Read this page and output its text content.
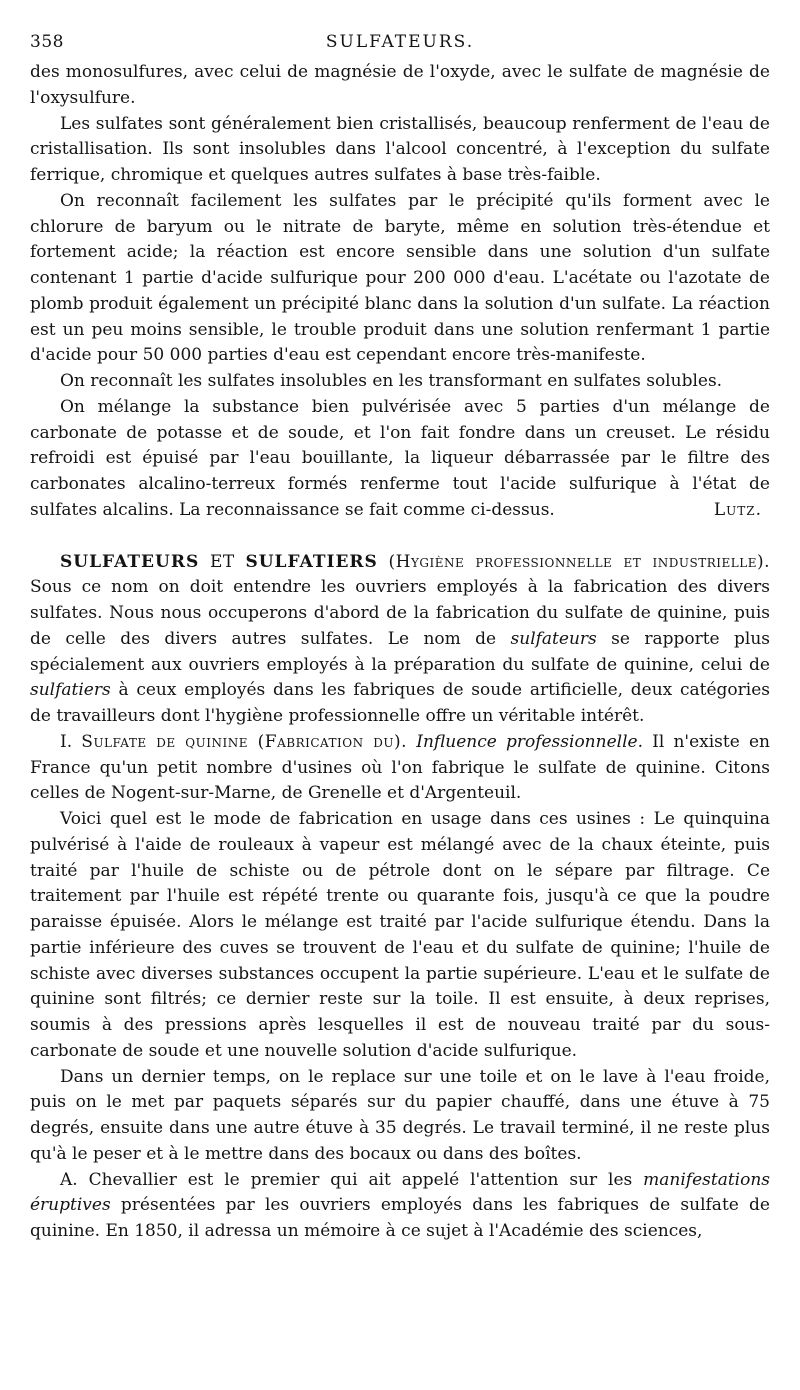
358	SULFATEURS.

des monosulfures, avec celui de magnésie de l'oxyde, avec le sulfate de magnésie de l'oxysulfure.

Les sulfates sont généralement bien cristallisés, beaucoup renferment de l'eau de cristallisation. Ils sont insolubles dans l'alcool concentré, à l'exception du sulfate ferrique, chromique et quelques autres sulfates à base très-faible.

On reconnaît facilement les sulfates par le précipité qu'ils forment avec le chlorure de baryum ou le nitrate de baryte, même en solution très-étendue et fortement acide; la réaction est encore sensible dans une solution d'un sulfate contenant 1 partie d'acide sulfurique pour 200 000 d'eau. L'acétate ou l'azotate de plomb produit également un précipité blanc dans la solution d'un sulfate. La réaction est un peu moins sensible, le trouble produit dans une solution renfermant 1 partie d'acide pour 50 000 parties d'eau est cependant encore très-manifeste.

On reconnaît les sulfates insolubles en les transformant en sulfates solubles.

On mélange la substance bien pulvérisée avec 5 parties d'un mélange de carbonate de potasse et de soude, et l'on fait fondre dans un creuset. Le résidu refroidi est épuisé par l'eau bouillante, la liqueur débarrassée par le filtre des carbonates alcalino-terreux formés renferme tout l'acide sulfurique à l'état de sulfates alcalins. La reconnaissance se fait comme ci-dessus.	Lutz.

SULFATEURS ET SULFATIERS (Hygiène professionnelle et industrielle). Sous ce nom on doit entendre les ouvriers employés à la fabrication des divers sulfates. Nous nous occuperons d'abord de la fabrication du sulfate de quinine, puis de celle des divers autres sulfates. Le nom de sulfateurs se rapporte plus spécialement aux ouvriers employés à la préparation du sulfate de quinine, celui de sulfatiers à ceux employés dans les fabriques de soude artificielle, deux catégories de travailleurs dont l'hygiène professionnelle offre un véritable intérêt.

I. Sulfate de quinine (Fabrication du). Influence professionnelle. Il n'existe en France qu'un petit nombre d'usines où l'on fabrique le sulfate de quinine. Citons celles de Nogent-sur-Marne, de Grenelle et d'Argenteuil.

Voici quel est le mode de fabrication en usage dans ces usines : Le quinquina pulvérisé à l'aide de rouleaux à vapeur est mélangé avec de la chaux éteinte, puis traité par l'huile de schiste ou de pétrole dont on le sépare par filtrage. Ce traitement par l'huile est répété trente ou quarante fois, jusqu'à ce que la poudre paraisse épuisée. Alors le mélange est traité par l'acide sulfurique étendu. Dans la partie inférieure des cuves se trouvent de l'eau et du sulfate de quinine; l'huile de schiste avec diverses substances occupent la partie supérieure. L'eau et le sulfate de quinine sont filtrés; ce dernier reste sur la toile. Il est ensuite, à deux reprises, soumis à des pressions après lesquelles il est de nouveau traité par du sous-carbonate de soude et une nouvelle solution d'acide sulfurique.

Dans un dernier temps, on le replace sur une toile et on le lave à l'eau froide, puis on le met par paquets séparés sur du papier chauffé, dans une étuve à 75 degrés, ensuite dans une autre étuve à 35 degrés. Le travail terminé, il ne reste plus qu'à le peser et à le mettre dans des bocaux ou dans des boîtes.

A. Chevallier est le premier qui ait appelé l'attention sur les manifestations éruptives présentées par les ouvriers employés dans les fabriques de sulfate de quinine. En 1850, il adressa un mémoire à ce sujet à l'Académie des sciences,
